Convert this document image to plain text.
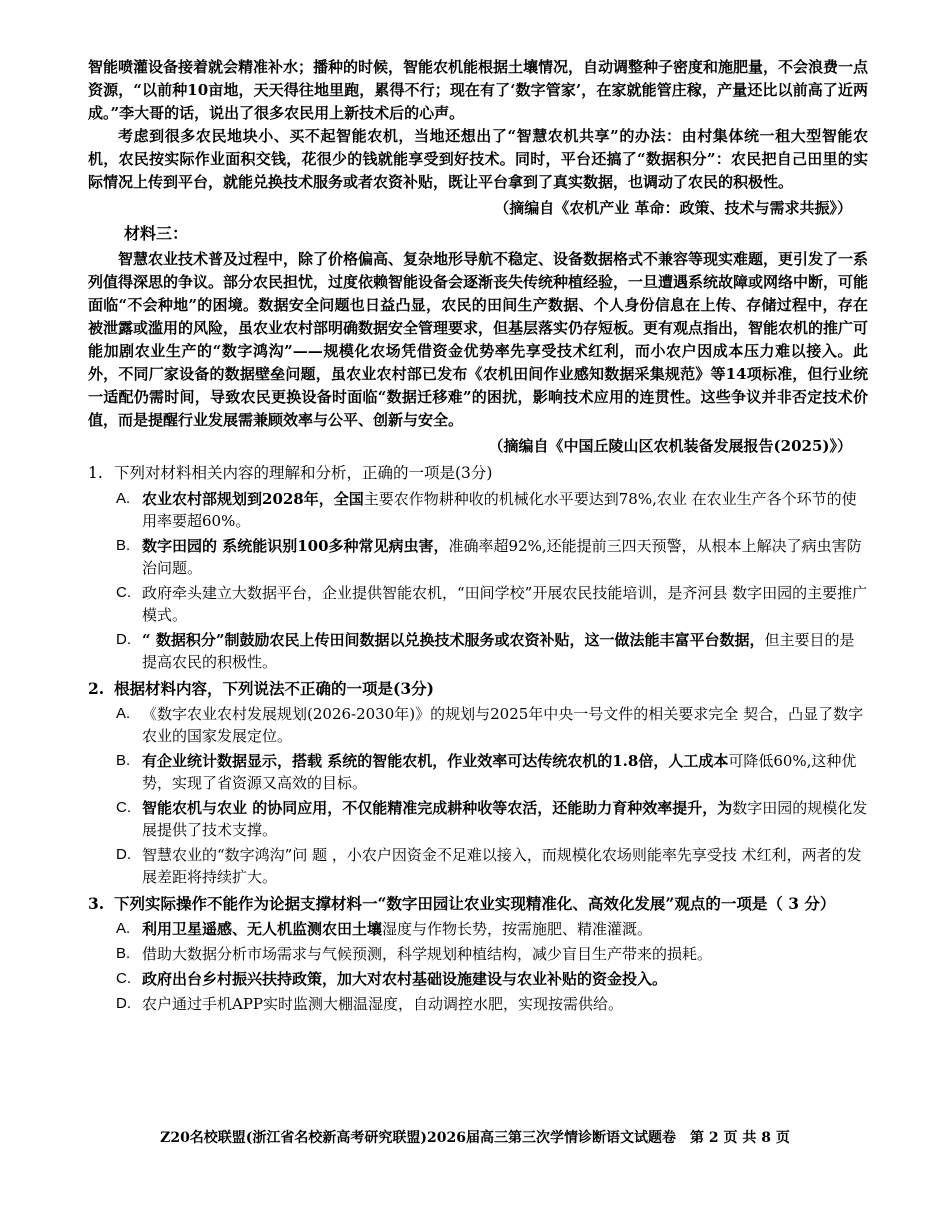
智能喷灌设备接着就会精准补水；播种的时候，智能农机能根据土壤情况，自动调整种子密度和施肥量，不会浪费一点资源，“以前种10亩地，天天得往地里跑，累得不行；现在有了‘数字管家’，在家就能管庄稼，产量还比以前高了近两成。”李大哥的话，说出了很多农民用上新技术后的心声。

考虑到很多农民地块小、买不起智能农机，当地还想出了“智慧农机共享”的办法：由村集体统一租大型智能农机，农民按实际作业面积交钱，花很少的钱就能享受到好技术。同时，平台还搞了“数据积分”：农民把自己田里的实际情况上传到平台，就能兑换技术服务或者农资补贴，既让平台拿到了真实数据，也调动了农民的积极性。

（摘编自《农机产业 革命：政策、技术与需求共振》）

材料三：

智慧农业技术普及过程中，除了价格偏高、复杂地形导航不稳定、设备数据格式不兼容等现实难题，更引发了一系列值得深思的争议。部分农民担忧，过度依赖智能设备会逐渐丧失传统种植经验，一旦遭遇系统故障或网络中断，可能面临“不会种地”的困境。数据安全问题也日益凸显，农民的田间生产数据、个人身份信息在上传、存储过程中，存在被泄露或滥用的风险，虽农业农村部明确数据安全管理要求，但基层落实仍存短板。更有观点指出，智能农机的推广可能加剧农业生产的“数字鸿沟”——规模化农场凭借资金优势率先享受技术红利，而小农户因成本压力难以接入。此外，不同厂家设备的数据壁垒问题，虽农业农村部已发布《农机田间作业感知数据采集规范》等14项标准，但行业统一适配仍需时间，导致农民更换设备时面临“数据迁移难”的困扰，影响技术应用的连贯性。这些争议并非否定技术价值，而是提醒行业发展需兼顾效率与公平、创新与安全。

（摘编自《中国丘陵山区农机装备发展报告(2025)》）

1. 下列对材料相关内容的理解和分析，正确的一项是(3分)
A. 农业农村部规划到2028年，全国主要农作物耕种收的机械化水平要达到78%,农业 在农业生产各个环节的使用率要超60%。
B. 数字田园的 系统能识别100多种常见病虫害，准确率超92%,还能提前三四天预警，从根本上解决了病虫害防治问题。
C. 政府牵头建立大数据平台，企业提供智能农机，“田间学校”开展农民技能培训，是齐河县 数字田园的主要推广模式。
D. “ 数据积分”制鼓励农民上传田间数据以兑换技术服务或农资补贴，这一做法能丰富平台数据，但主要目的是提高农民的积极性。
2. 根据材料内容，下列说法不正确的一项是(3分)
A. 《数字农业农村发展规划(2026-2030年)》的规划与2025年中央一号文件的相关要求完全 契合，凸显了数字农业的国家发展定位。
B. 有企业统计数据显示，搭载 系统的智能农机，作业效率可达传统农机的1.8倍，人工成本可降低60%,这种优势，实现了省资源又高效的目标。
C. 智能农机与农业 的协同应用，不仅能精准完成耕种收等农活，还能助力育种效率提升，为数字田园的规模化发展提供了技术支撑。
D. 智慧农业的“数字鸿沟”问 题 ，小农户因资金不足难以接入，而规模化农场则能率先享受技 术红利，两者的发展差距将持续扩大。
3. 下列实际操作不能作为论据支撑材料一“数字田园让农业实现精准化、高效化发展”观点的一项是（ 3 分）
A. 利用卫星遥感、无人机监测农田土壤湿度与作物长势，按需施肥、精准灌溉。
B. 借助大数据分析市场需求与气候预测，科学规划种植结构，减少盲目生产带来的损耗。
C. 政府出台乡村振兴扶持政策，加大对农村基础设施建设与农业补贴的资金投入。
D. 农户通过手机APP实时监测大棚温湿度，自动调控水肥，实现按需供给。
Z20名校联盟(浙江省名校新高考研究联盟)2026届高三第三次学情诊断语文试题卷　第 2 页 共 8 页
